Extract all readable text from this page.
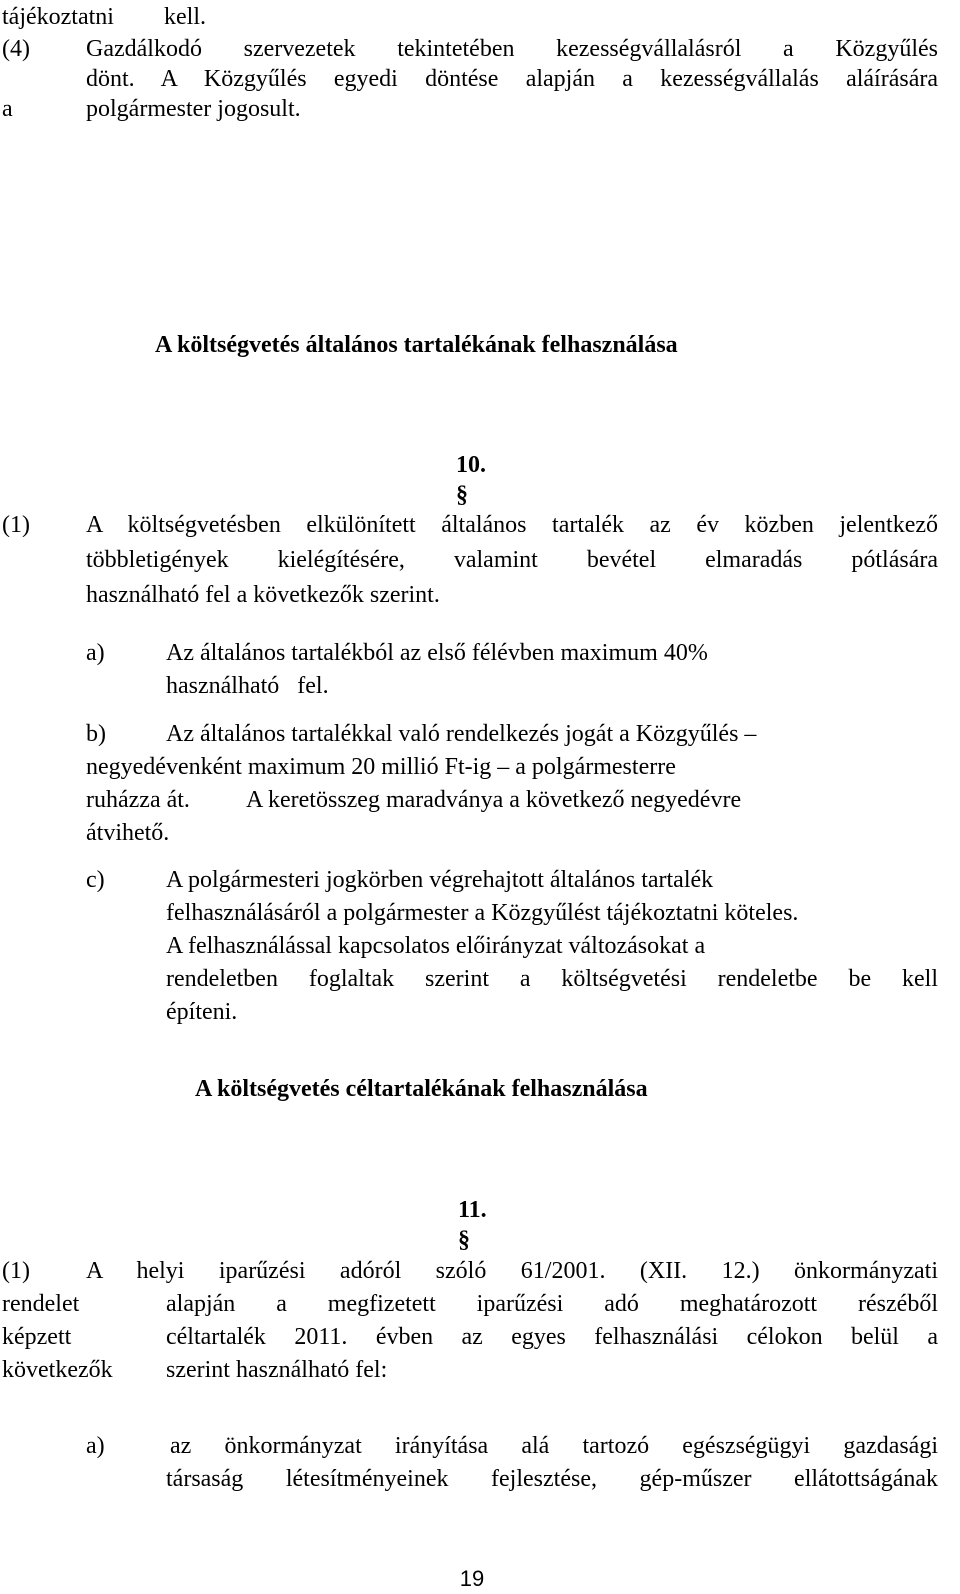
tájékoztatni kell.
(4) Gazdálkodó szervezetek tekintetében kezességvállalásról a Közgyűlés
dönt. A Közgyűlés egyedi döntése alapján a kezességvállalás aláírására
a	polgármester jogosult.
A költségvetés általános tartalékának felhasználása

10.
§

(1) A költségvetésben elkülönített általános tartalék az év közben jelentkező
többletigények kielégítésére, valamint bevétel elmaradás pótlására
használható fel a következők szerint.
a)	Az általános tartalékból az első félévben maximum 40%
használható   fel.
b)	Az általános tartalékkal való rendelkezés jogát a Közgyűlés –
negyedévenként maximum 20 millió Ft-ig – a polgármesterre
ruházza át. A keretösszeg maradványa a következő negyedévre
átvihető.
c)	A polgármesteri jogkörben végrehajtott általános tartalék
felhasználásáról a polgármester a Közgyűlést tájékoztatni köteles.
A felhasználással kapcsolatos előirányzat változásokat a
rendeletben foglaltak szerint a költségvetési rendeletbe be kell
építeni.
A költségvetés céltartalékának felhasználása

11.
§

(1) A helyi iparűzési adóról szóló 61/2001. (XII. 12.) önkormányzati
rendelet	alapján a megfizetett iparűzési adó meghatározott részéből
képzett	céltartalék 2011. évben az egyes felhasználási célokon belül a
következők szerint használható fel:
a)	az önkormányzat irányítása alá tartozó egészségügyi gazdasági
társaság létesítményeinek fejlesztése, gép-műszer ellátottságának
19
